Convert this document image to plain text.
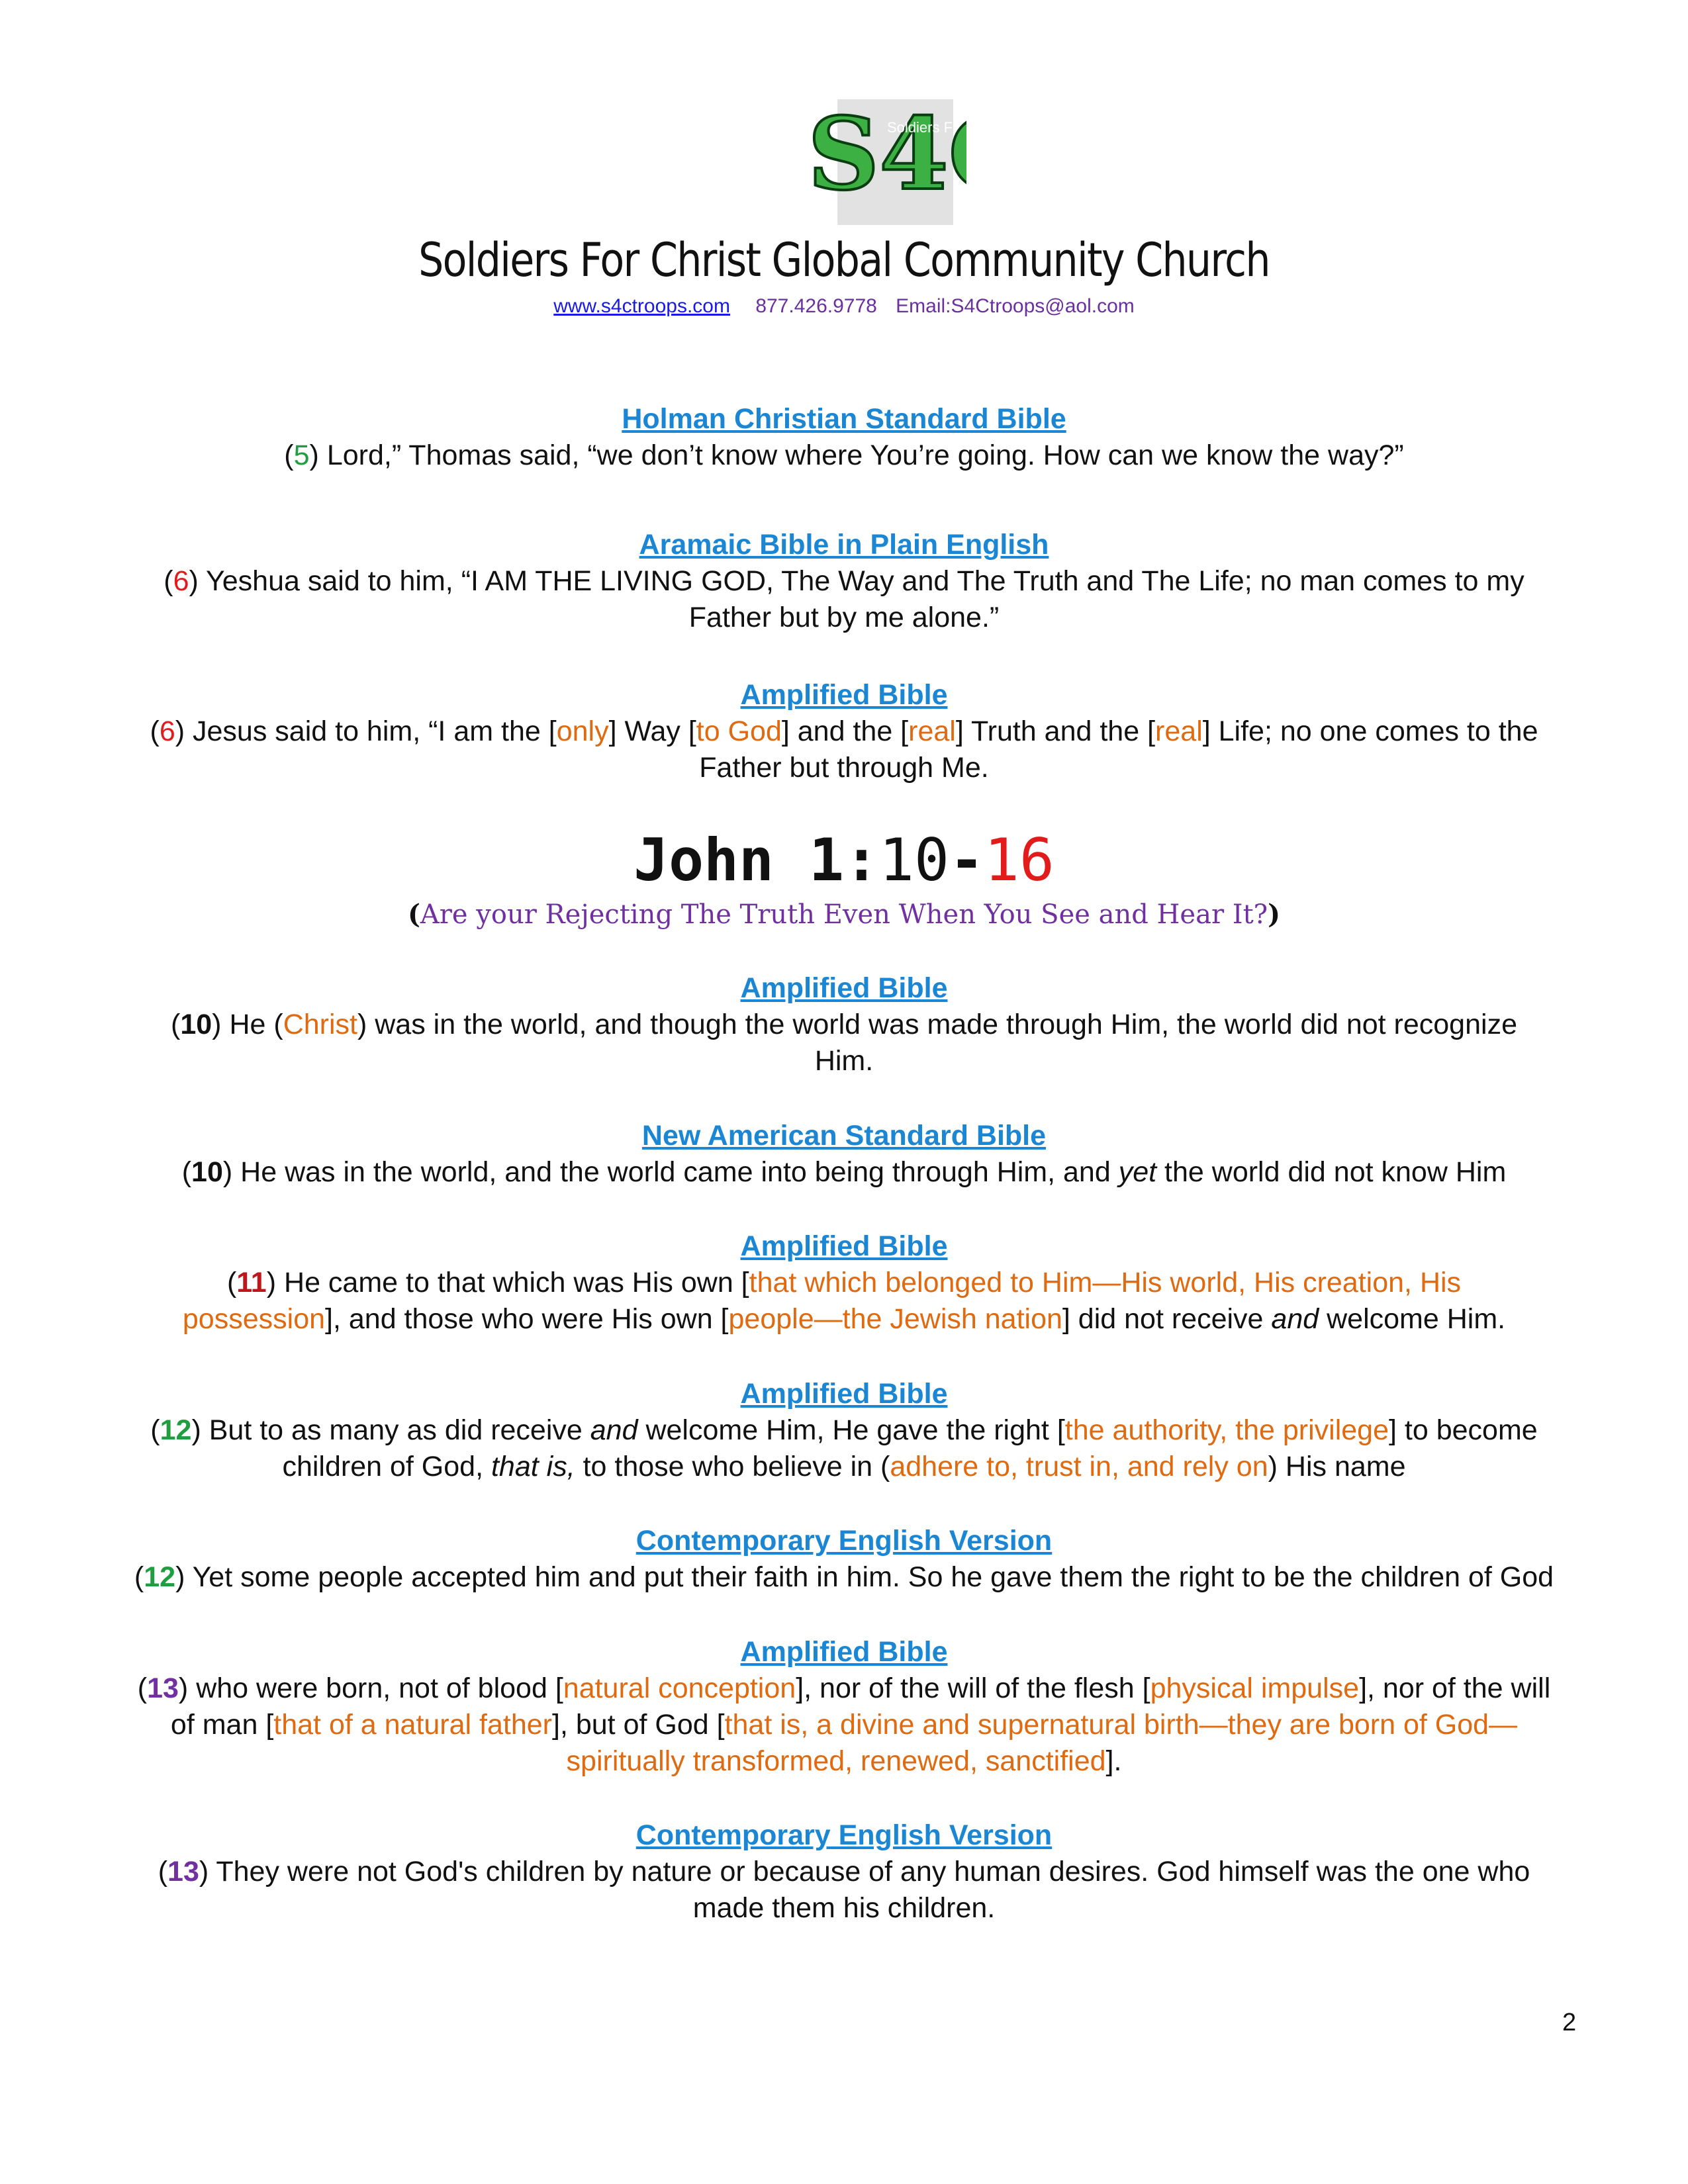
S4
Soldiers F
Soldiers For Christ Global Community Church
www.s4ctroops.com 877.426.9778 Email:S4Ctroops@aol.com
Holman Christian Standard Bible
(5) Lord,” Thomas said, “we don’t know where You’re going. How can we know the way?”
Aramaic Bible in Plain English
(6) Yeshua said to him, “I AM THE LIVING GOD, The Way and The Truth and The Life; no man comes to my
Father but by me alone.”
Amplified Bible
(6) Jesus said to him, “I am the [only] Way [to God] and the [real] Truth and the [real] Life; no one comes to the
Father but through Me.
John 1:10-16
(Are your Rejecting The Truth Even When You See and Hear It?)
Amplified Bible
(10) He (Christ) was in the world, and though the world was made through Him, the world did not recognize
Him.
New American Standard Bible
(10) He was in the world, and the world came into being through Him, and yet the world did not know Him
Amplified Bible
(11) He came to that which was His own [that which belonged to Him—His world, His creation, His
possession], and those who were His own [people—the Jewish nation] did not receive and welcome Him.
Amplified Bible
(12) But to as many as did receive and welcome Him, He gave the right [the authority, the privilege] to become
children of God, that is, to those who believe in (adhere to, trust in, and rely on) His name
Contemporary English Version
(12) Yet some people accepted him and put their faith in him. So he gave them the right to be the children of God
Amplified Bible
(13) who were born, not of blood [natural conception], nor of the will of the flesh [physical impulse], nor of the will
of man [that of a natural father], but of God [that is, a divine and supernatural birth—they are born of God—
spiritually transformed, renewed, sanctified].
Contemporary English Version
(13) They were not God's children by nature or because of any human desires. God himself was the one who
made them his children.
2
